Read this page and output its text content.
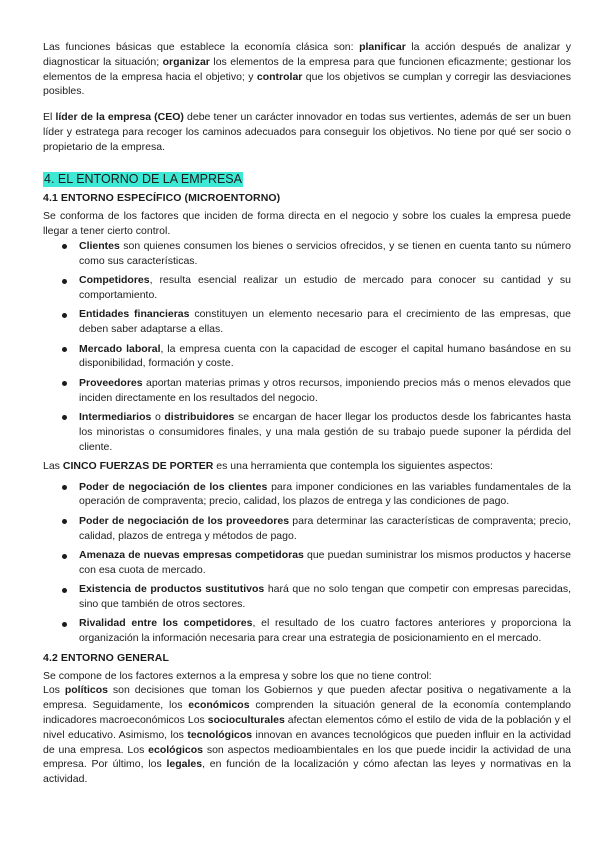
Las funciones básicas que establece la economía clásica son: planificar la acción después de analizar y diagnosticar la situación; organizar los elementos de la empresa para que funcionen eficazmente; gestionar los elementos de la empresa hacia el objetivo; y controlar que los objetivos se cumplan y corregir las desviaciones posibles.

El líder de la empresa (CEO) debe tener un carácter innovador en todas sus vertientes, además de ser un buen líder y estratega para recoger los caminos adecuados para conseguir los objetivos. No tiene por qué ser socio o propietario de la empresa.

4. EL ENTORNO DE LA EMPRESA
4.1 ENTORNO ESPECÍFICO (MICROENTORNO)

Se conforma de los factores que inciden de forma directa en el negocio y sobre los cuales la empresa puede llegar a tener cierto control.

Clientes son quienes consumen los bienes o servicios ofrecidos, y se tienen en cuenta tanto su número como sus características.
Competidores, resulta esencial realizar un estudio de mercado para conocer su cantidad y su comportamiento.
Entidades financieras constituyen un elemento necesario para el crecimiento de las empresas, que deben saber adaptarse a ellas.
Mercado laboral, la empresa cuenta con la capacidad de escoger el capital humano basándose en su disponibilidad, formación y coste.
Proveedores aportan materias primas y otros recursos, imponiendo precios más o menos elevados que inciden directamente en los resultados del negocio.
Intermediarios o distribuidores se encargan de hacer llegar los productos desde los fabricantes hasta los minoristas o consumidores finales, y una mala gestión de su trabajo puede suponer la pérdida del cliente.

Las CINCO FUERZAS DE PORTER es una herramienta que contempla los siguientes aspectos:

Poder de negociación de los clientes para imponer condiciones en las variables fundamentales de la operación de compraventa; precio, calidad, los plazos de entrega y las condiciones de pago.
Poder de negociación de los proveedores para determinar las características de compraventa; precio, calidad, plazos de entrega y métodos de pago.
Amenaza de nuevas empresas competidoras que puedan suministrar los mismos productos y hacerse con esa cuota de mercado.
Existencia de productos sustitutivos hará que no solo tengan que competir con empresas parecidas, sino que también de otros sectores.
Rivalidad entre los competidores, el resultado de los cuatro factores anteriores y proporciona la organización la información necesaria para crear una estrategia de posicionamiento en el mercado.
4.2 ENTORNO GENERAL

Se compone de los factores externos a la empresa y sobre los que no tiene control:

Los políticos son decisiones que toman los Gobiernos y que pueden afectar positiva o negativamente a la empresa. Seguidamente, los económicos comprenden la situación general de la economía contemplando indicadores macroeconómicos Los socioculturales afectan elementos cómo el estilo de vida de la población y el nivel educativo. Asimismo, los tecnológicos innovan en avances tecnológicos que pueden influir en la actividad de una empresa. Los ecológicos son aspectos medioambientales en los que puede incidir la actividad de una empresa. Por último, los legales, en función de la localización y cómo afectan las leyes y normativas en la actividad.
